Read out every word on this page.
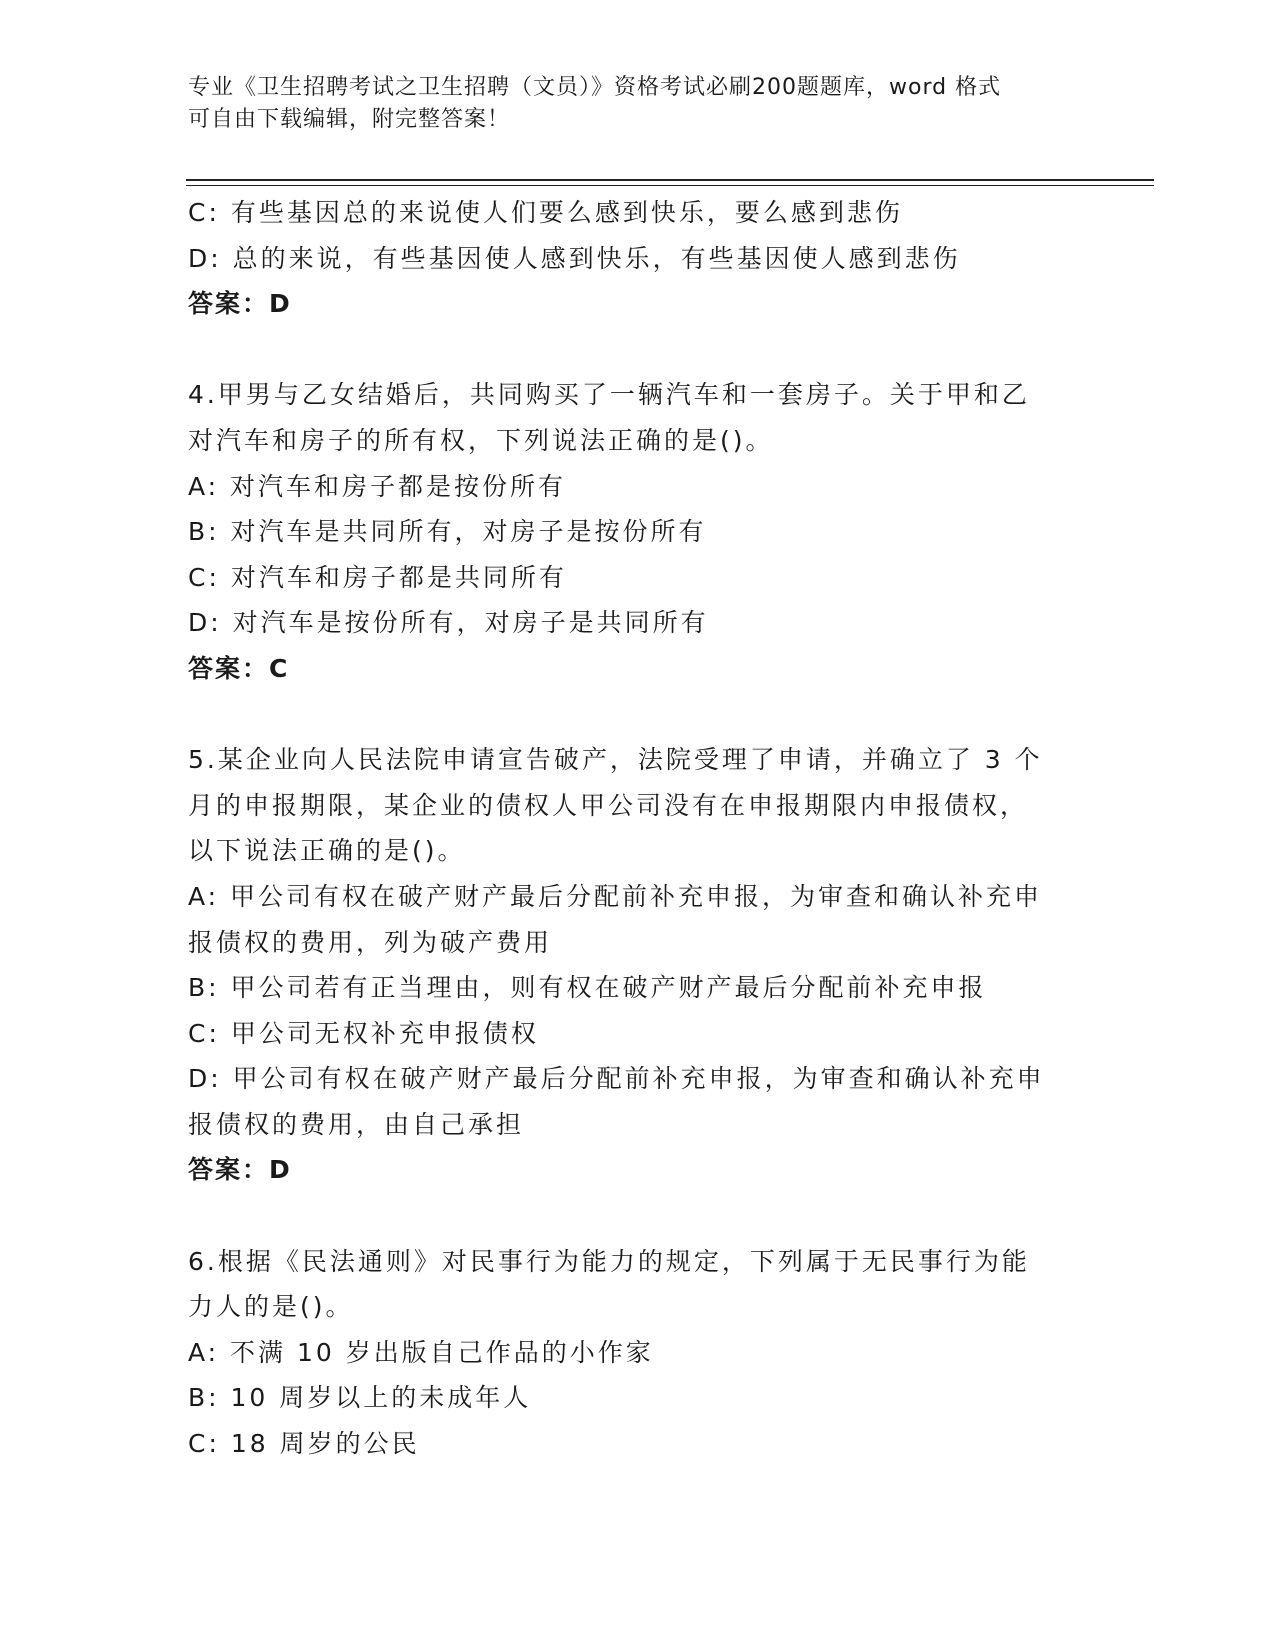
专业《卫生招聘考试之卫生招聘（文员）》资格考试必刷200题题库，word 格式
可自由下载编辑，附完整答案！
C: 有些基因总的来说使人们要么感到快乐，要么感到悲伤
D: 总的来说，有些基因使人感到快乐，有些基因使人感到悲伤
答案：D
4.甲男与乙女结婚后，共同购买了一辆汽车和一套房子。关于甲和乙
对汽车和房子的所有权，下列说法正确的是()。
A: 对汽车和房子都是按份所有
B: 对汽车是共同所有，对房子是按份所有
C: 对汽车和房子都是共同所有
D: 对汽车是按份所有，对房子是共同所有
答案：C
5.某企业向人民法院申请宣告破产，法院受理了申请，并确立了 3 个
月的申报期限，某企业的债权人甲公司没有在申报期限内申报债权，
以下说法正确的是()。
A: 甲公司有权在破产财产最后分配前补充申报，为审查和确认补充申
报债权的费用，列为破产费用
B: 甲公司若有正当理由，则有权在破产财产最后分配前补充申报
C: 甲公司无权补充申报债权
D: 甲公司有权在破产财产最后分配前补充申报，为审查和确认补充申
报债权的费用，由自己承担
答案：D
6.根据《民法通则》对民事行为能力的规定，下列属于无民事行为能
力人的是()。
A: 不满 10 岁出版自己作品的小作家
B: 10 周岁以上的未成年人
C: 18 周岁的公民
